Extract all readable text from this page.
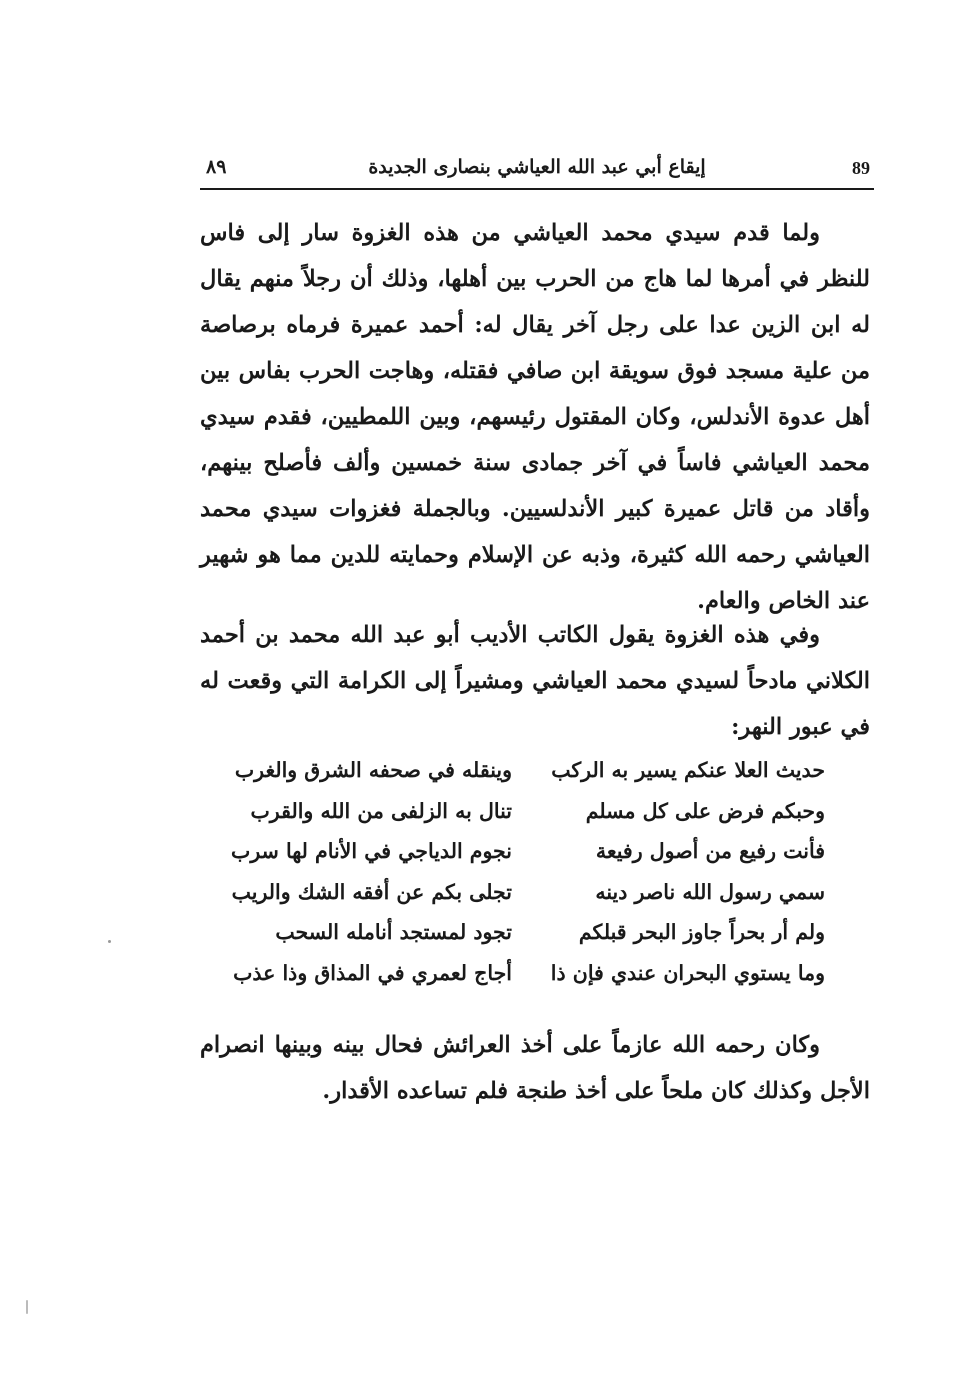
89
إيقاع أبي عبد الله العياشي بنصارى الجديدة
٨٩
ولما قدم سيدي محمد العياشي من هذه الغزوة سار إلى فاس للنظر في أمرها لما هاج من الحرب بين أهلها، وذلك أن رجلاً منهم يقال له ابن الزين عدا على رجل آخر يقال له: أحمد عميرة فرماه برصاصة من علية مسجد فوق سويقة ابن صافي فقتله، وهاجت الحرب بفاس بين أهل عدوة الأندلس، وكان المقتول رئيسهم، وبين اللمطيين، فقدم سيدي محمد العياشي فاساً في آخر جمادى سنة خمسين وألف فأصلح بينهم، وأقاد من قاتل عميرة كبير الأندلسيين. وبالجملة فغزوات سيدي محمد العياشي رحمه الله كثيرة، وذبه عن الإسلام وحمايته للدين مما هو شهير عند الخاص والعام.
وفي هذه الغزوة يقول الكاتب الأديب أبو عبد الله محمد بن أحمد الكلاني مادحاً لسيدي محمد العياشي ومشيراً إلى الكرامة التي وقعت له في عبور النهر:
حديث العلا عنكم يسير به الركب
وينقله في صحفه الشرق والغرب
وحبكم فرض على كل مسلم
تنال به الزلفى من الله والقرب
فأنت رفيع من أصول رفيعة
نجوم الدياجي في الأنام لها سرب
سمي رسول الله ناصر دينه
تجلى بكم عن أفقه الشك والريب
ولم أر بحراً جاوز البحر قبلكم
تجود لمستجد أنامله السحب
وما يستوي البحران عندي فإن ذا
أجاج لعمري في المذاق وذا عذب
وكان رحمه الله عازماً على أخذ العرائش فحال بينه وبينها انصرام الأجل وكذلك كان ملحاً على أخذ طنجة فلم تساعده الأقدار.
